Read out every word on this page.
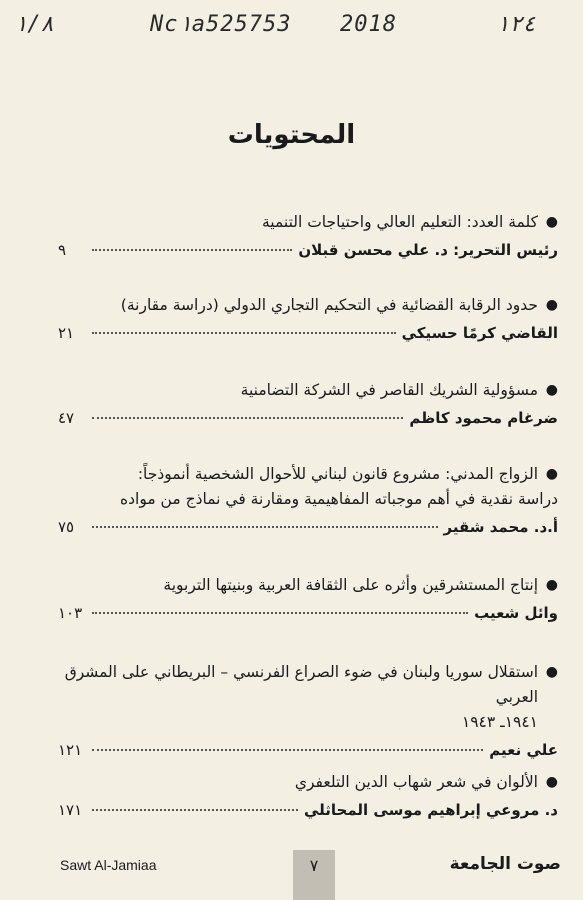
١/٨	Nc١a525753 2018	١٢٤
المحتويات
●
كلمة العدد: التعليم العالي واحتياجات التنمية
رئيس التحرير: د. علي محسن قبلان
٩
●
حدود الرقابة القضائية في التحكيم التجاري الدولي (دراسة مقارنة)
القاضي كرمًا حسيكي
٢١
●
مسؤولية الشريك القاصر في الشركة التضامنية
ضرغام محمود كاظم
٤٧
●
الزواج المدني: مشروع قانون لبناني للأحوال الشخصية أنموذجاً:
دراسة نقدية في أهم موجباته المفاهيمية ومقارنة في نماذج من مواده
أ.د. محمد شقير
٧٥
●
إنتاج المستشرقين وأثره على الثقافة العربية وبنيتها التربوية
وائل شعيب
١٠٣
●
استقلال سوريا ولبنان في ضوء الصراع الفرنسي – البريطاني على المشرق العربي
١٩٤١ـ ١٩٤٣
علي نعيم
١٢١
●
الألوان في شعر شهاب الدين التلعفري
د. مروعي إبراهيم موسى المحاثلي
١٧١
Sawt Al-Jamiaa	٧	صوت الجامعة
